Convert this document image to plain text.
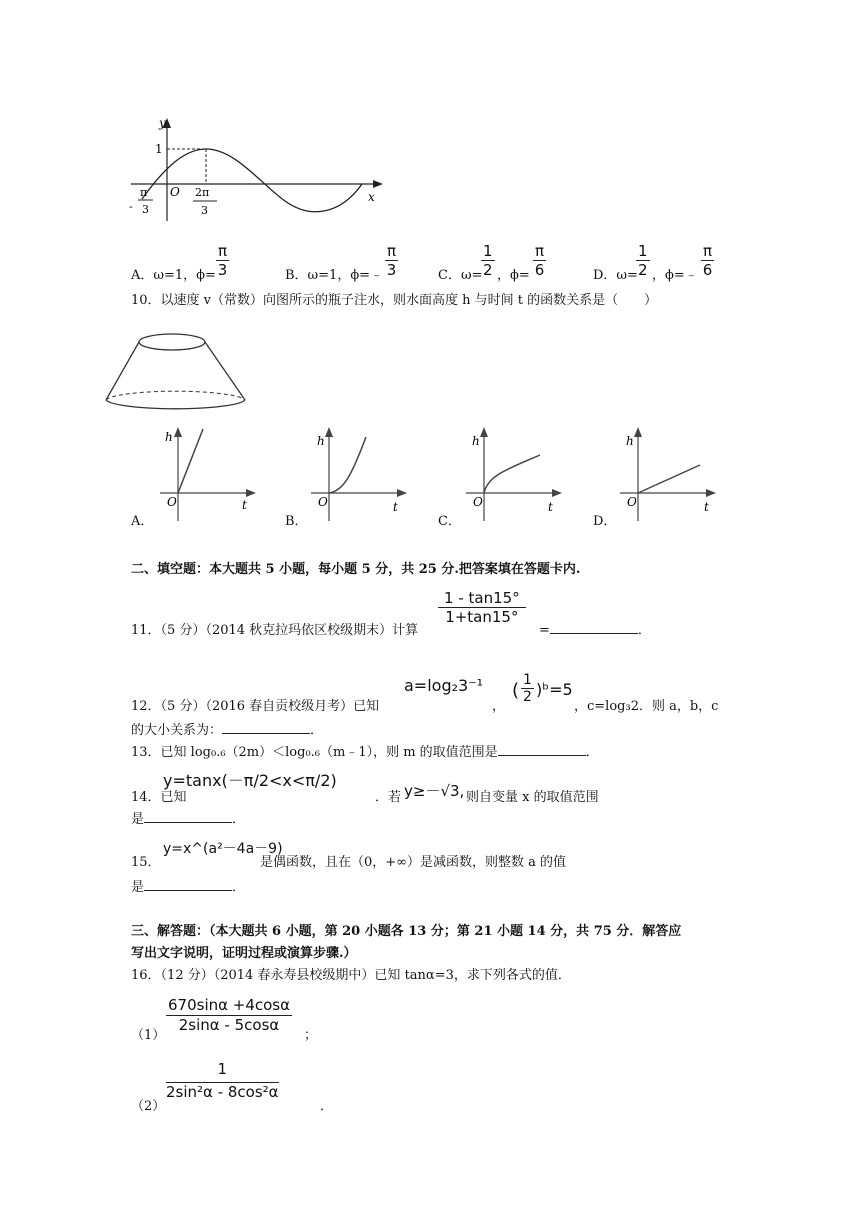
y
x
O
1
-
π
3
2π
3
A．ω=1，$\phi= \frac{\pi}{3}$	B．ω=1，ϕ=﹣ $\frac{\pi}{3}$	C．ω=
$\frac{1}{2}$ ，$\phi= \frac{\pi}{6}$	D．ω=
$\frac{1}{2}$ ，ϕ=﹣ $\frac{\pi}{6}$
10．以速度 v（常数）向图所示的瓶子注水，则水面高度 h 与时间 t 的函数关系是（　　）
h
O	t
A．
h
O	t
B．
h
O	t
C．
h
O	t
D．
二、填空题：本大题共 5 小题，每小题 5 分，共 25 分.把答案填在答题卡内.
11．（5 分）（2014 秋克拉玛依区校级期末）计算
$\frac{1 - \tan 15^\circ}{1+\tan 15^\circ}$
=	．
12．（5 分）（2016 春自贡校级月考）已知
a=log₂3⁻¹
，
( $\frac{1}{2}$ )ᵇ=5
，c=log₃2．则 a，b，c
的大小关系为：	．
13．已知 log₀.₆（2m）＜log₀.₆（m﹣1），则 m 的取值范围是	．
14．已知
y=tanx(－π/2<x<π/2)
．若 y≥－√3, 则自变量 x 的取值范围
是	．
15．
y=x^(a²－4a－9)
是偶函数，且在（0，+∞）是减函数，则整数 a 的值
是	．
三、解答题：（本大题共 6 小题，第 20 小题各 13 分；第 21 小题 14 分，共 75 分．解答应
写出文字说明，证明过程或演算步骤.）
16．（12 分）（2014 春永寿县校级期中）已知 tanα=3，求下列各式的值．
（1）
$\frac{670\sin\alpha +4\cos\alpha}{2\sin\alpha - 5\cos\alpha}$
；
（2）
$\frac{1}{\text{2sin²α - 8cos²α}}$
．
